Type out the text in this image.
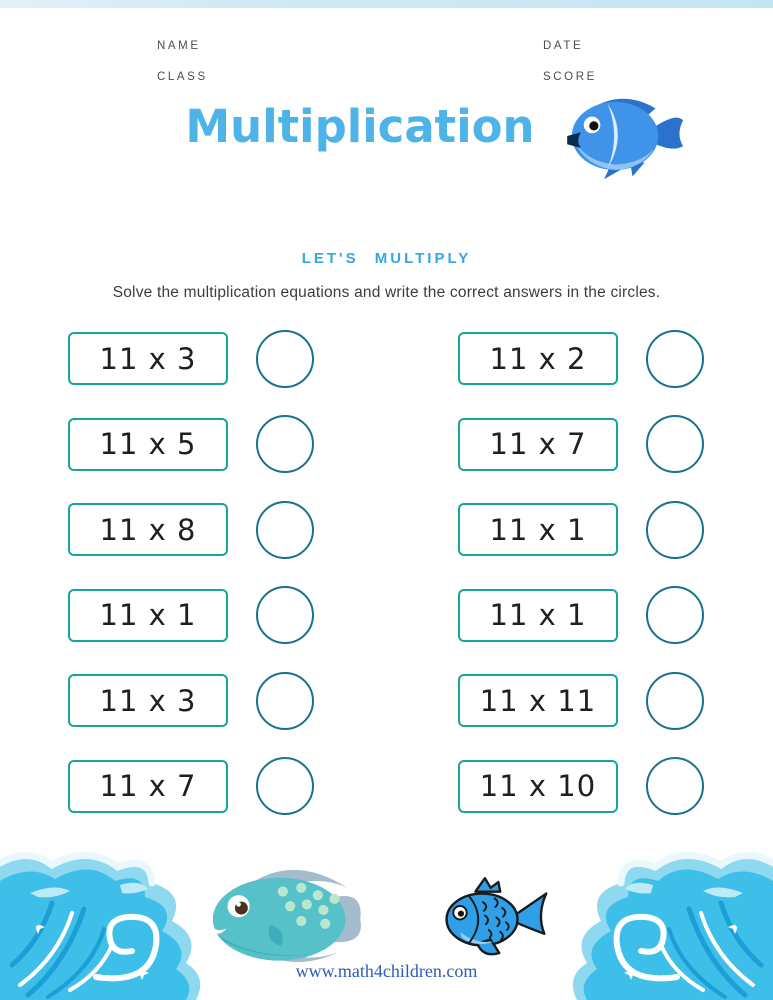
NAME
CLASS
DATE
SCORE
Multiplication
LET'S MULTIPLY
Solve the multiplication equations and write the correct answers in the circles.
11 x 3
11 x 5
11 x 8
11 x 1
11 x 3
11 x 7
11 x 2
11 x 7
11 x 1
11 x 1
11 x 11
11 x 10
www.math4children.com
